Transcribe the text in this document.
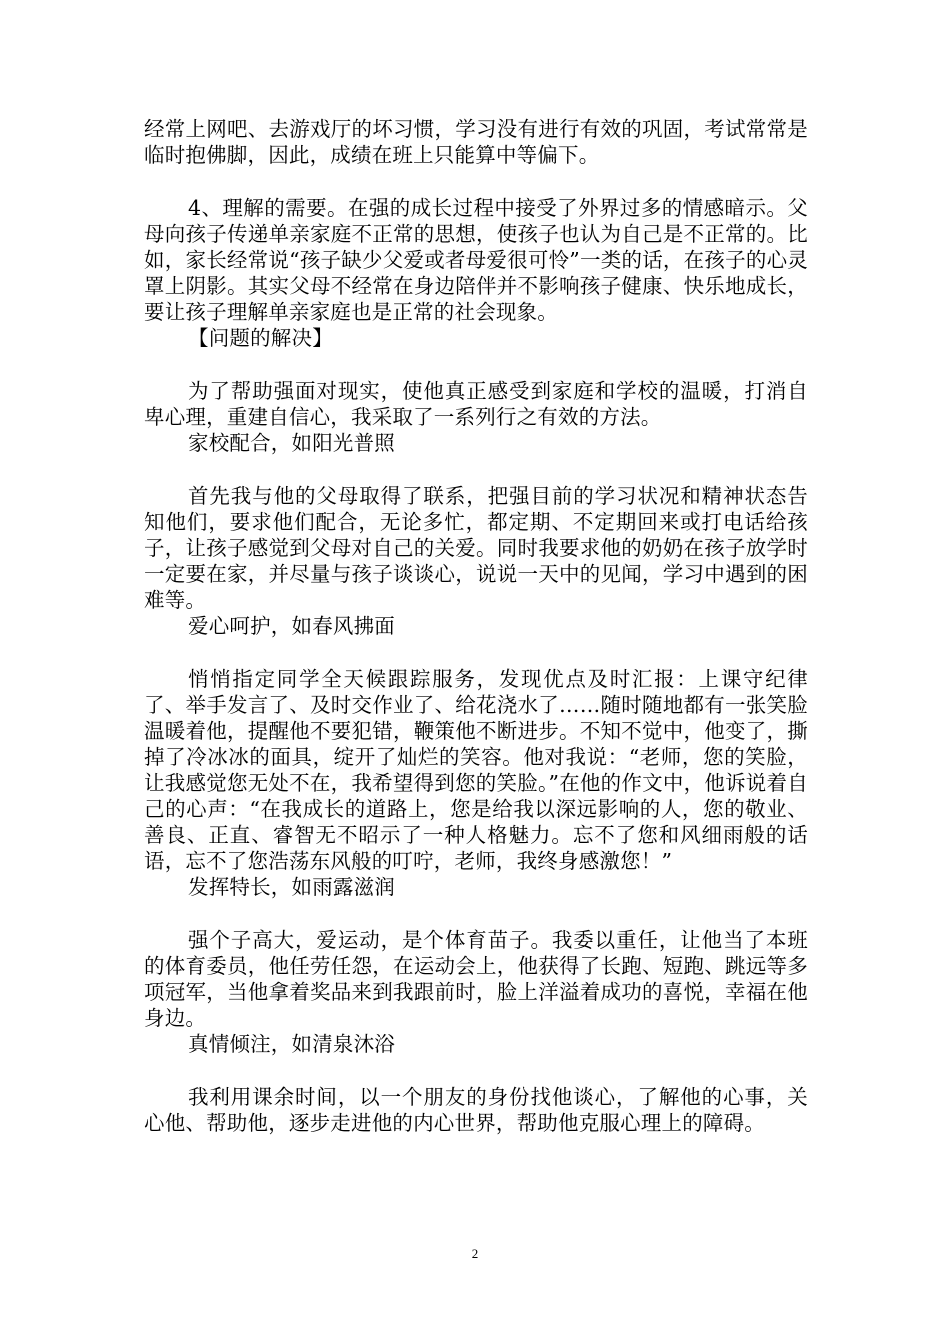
经常上网吧、去游戏厅的坏习惯，学习没有进行有效的巩固，考试常常是临时抱佛脚，因此，成绩在班上只能算中等偏下。

4、理解的需要。在强的成长过程中接受了外界过多的情感暗示。父母向孩子传递单亲家庭不正常的思想，使孩子也认为自己是不正常的。比如，家长经常说“孩子缺少父爱或者母爱很可怜”一类的话，在孩子的心灵罩上阴影。其实父母不经常在身边陪伴并不影响孩子健康、快乐地成长，要让孩子理解单亲家庭也是正常的社会现象。

【问题的解决】

为了帮助强面对现实，使他真正感受到家庭和学校的温暖，打消自卑心理，重建自信心，我采取了一系列行之有效的方法。

家校配合，如阳光普照

首先我与他的父母取得了联系，把强目前的学习状况和精神状态告知他们，要求他们配合，无论多忙，都定期、不定期回来或打电话给孩子，让孩子感觉到父母对自己的关爱。同时我要求他的奶奶在孩子放学时一定要在家，并尽量与孩子谈谈心，说说一天中的见闻，学习中遇到的困难等。

爱心呵护，如春风拂面

悄悄指定同学全天候跟踪服务，发现优点及时汇报：上课守纪律了、举手发言了、及时交作业了、给花浇水了……随时随地都有一张笑脸温暖着他，提醒他不要犯错，鞭策他不断进步。不知不觉中，他变了，撕掉了冷冰冰的面具，绽开了灿烂的笑容。他对我说：“老师，您的笑脸，让我感觉您无处不在，我希望得到您的笑脸。”在他的作文中，他诉说着自己的心声：“在我成长的道路上，您是给我以深远影响的人，您的敬业、善良、正直、睿智无不昭示了一种人格魅力。忘不了您和风细雨般的话语，忘不了您浩荡东风般的叮咛，老师，我终身感激您！”

发挥特长，如雨露滋润

强个子高大，爱运动，是个体育苗子。我委以重任，让他当了本班的体育委员，他任劳任怨，在运动会上，他获得了长跑、短跑、跳远等多项冠军，当他拿着奖品来到我跟前时，脸上洋溢着成功的喜悦，幸福在他身边。

真情倾注，如清泉沐浴

我利用课余时间，以一个朋友的身份找他谈心，了解他的心事，关心他、帮助他，逐步走进他的内心世界，帮助他克服心理上的障碍。

2
